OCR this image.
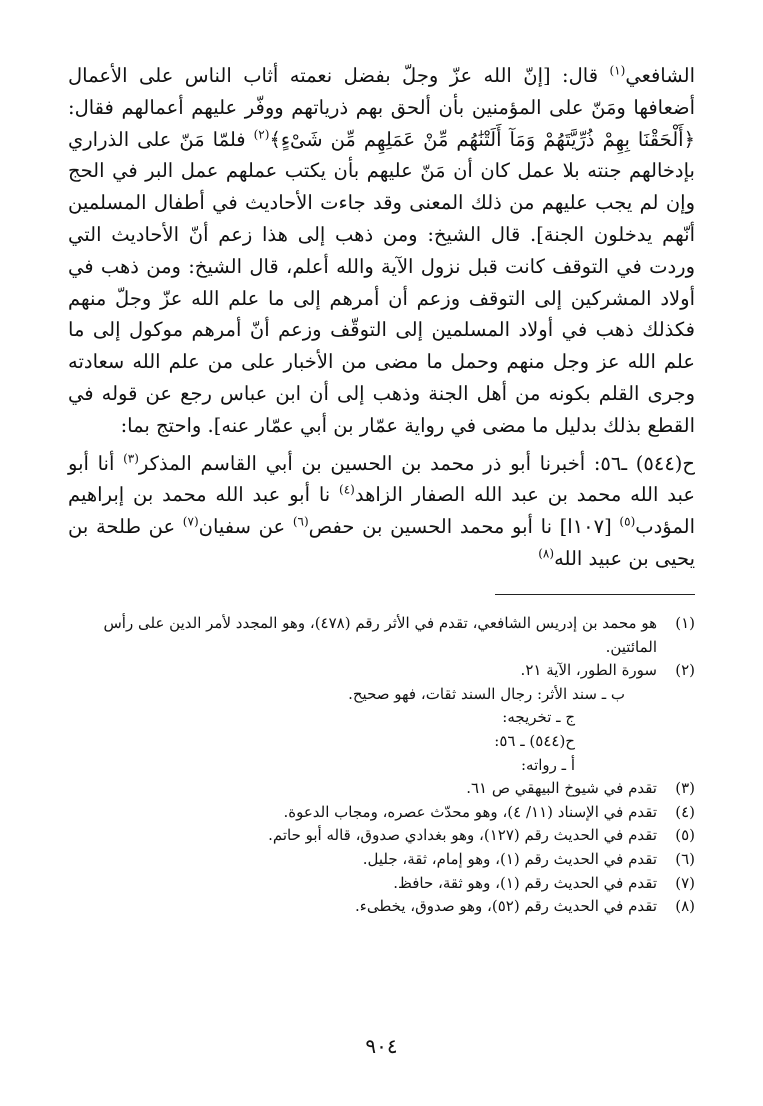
الشافعي$^{(١)}$ قال: [إنّ الله عزّ وجلّ بفضل نعمته أثاب الناس على الأعمال أضعافها ومَنّ على المؤمنين بأن ألحق بهم ذرياتهم ووفّر عليهم أعمالهم فقال: ﴿أَلْحَقْنَا بِهِمْ ذُرِّيَّتَهُمْ وَمَآ أَلَتْنَٰهُم مِّنْ عَمَلِهِم مِّن شَىْءٍ﴾$^{(٢)}$ فلمّا مَنّ على الذراري بإدخالهم جنته بلا عمل كان أن مَنّ عليهم بأن يكتب عملهم عمل البر في الحج وإن لم يجب عليهم من ذلك المعنى وقد جاءت الأحاديث في أطفال المسلمين أنّهم يدخلون الجنة]. قال الشيخ: ومن ذهب إلى هذا زعم أنّ الأحاديث التي وردت في التوقف كانت قبل نزول الآية والله أعلم، قال الشيخ: ومن ذهب في أولاد المشركين إلى التوقف وزعم أن أمرهم إلى ما علم الله عزّ وجلّ منهم فكذلك ذهب في أولاد المسلمين إلى التوقّف وزعم أنّ أمرهم موكول إلى ما علم الله عز وجل منهم وحمل ما مضى من الأخبار على من علم الله سعادته وجرى القلم بكونه من أهل الجنة وذهب إلى أن ابن عباس رجع عن قوله في القطع بذلك بدليل ما مضى في رواية عمّار بن أبي عمّار عنه]. واحتج بما:

ح(٥٤٤) ـ٥٦: أخبرنا أبو ذر محمد بن الحسين بن أبي القاسم المذكر$^{(٣)}$ أنا أبو عبد الله محمد بن عبد الله الصفار الزاهد$^{(٤)}$ نا أبو عبد الله محمد بن إبراهيم المؤدب$^{(٥)}$ [١٠٧ا] نا أبو محمد الحسين بن حفص$^{(٦)}$ عن سفيان$^{(٧)}$ عن طلحة بن يحيى بن عبيد الله$^{(٨)}$

(١)
هو محمد بن إدريس الشافعي، تقدم في الأثر رقم (٤٧٨)، وهو المجدد لأمر الدين على رأس
المائتين.
(٢)
سورة الطور، الآية ٢١.
ب ـ سند الأثر: رجال السند ثقات، فهو صحيح.
ج ـ تخريجه:
ح(٥٤٤) ـ ٥٦:
أ ـ رواته:
(٣)
تقدم في شيوخ البيهقي ص ٦١.
(٤)
تقدم في الإسناد (١١/ ٤)، وهو محدّث عصره، ومجاب الدعوة.
(٥)
تقدم في الحديث رقم (١٢٧)، وهو بغدادي صدوق، قاله أبو حاتم.
(٦)
تقدم في الحديث رقم (١)، وهو إمام، ثقة، جليل.
(٧)
تقدم في الحديث رقم (١)، وهو ثقة، حافظ.
(٨)
تقدم في الحديث رقم (٥٢)، وهو صدوق، يخطىء.
٩٠٤
